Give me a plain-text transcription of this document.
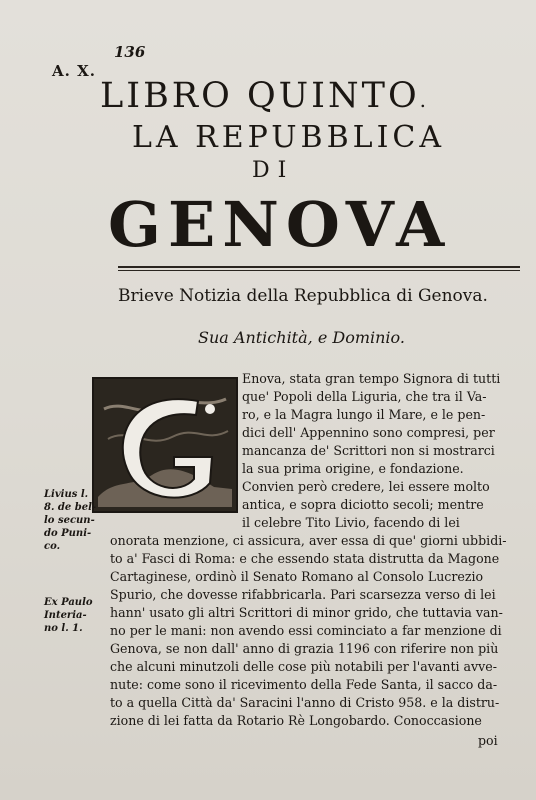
A. X.
136
LIBRO QUINTO.
LA REPUBBLICA
DI
GENOVA
Brieve Notizia della Repubblica di Genova.
Sua Antichità, e Dominio.
Enova, stata gran tempo Signora di tutti
que' Popoli della Liguria, che tra il Va-
ro, e la Magra lungo il Mare, e le pen-
dici dell' Appennino sono compresi, per
mancanza de' Scrittori non si mostrarci
la sua prima origine, e fondazione.
Convien però credere, lei essere molto
antica, e sopra diciotto secoli; mentre
il celebre Tito Livio, facendo di lei
onorata menzione, ci assicura, aver essa di que' giorni ubbidi-
to a' Fasci di Roma: e che essendo stata distrutta da Magone
Cartaginese, ordinò il Senato Romano al Consolo Lucrezio
Spurio, che dovesse rifabbricarla. Pari scarsezza verso di lei
hann' usato gli altri Scrittori di minor grido, che tuttavia van-
no per le mani: non avendo essi cominciato a far menzione di
Genova, se non dall' anno di grazia 1196 con riferire non più
che alcuni minutzoli delle cose più notabili per l'avanti avve-
nute: come sono il ricevimento della Fede Santa, il sacco da-
to a quella Città da' Saracini l'anno di Cristo 958. e la distru-
zione di lei fatta da Rotario Rè Longobardo. Conoccasione
poi
Livius l.
8. de bel-
lo secun-
do Puni-
co.
Ex Paulo
Interia-
no l. 1.
